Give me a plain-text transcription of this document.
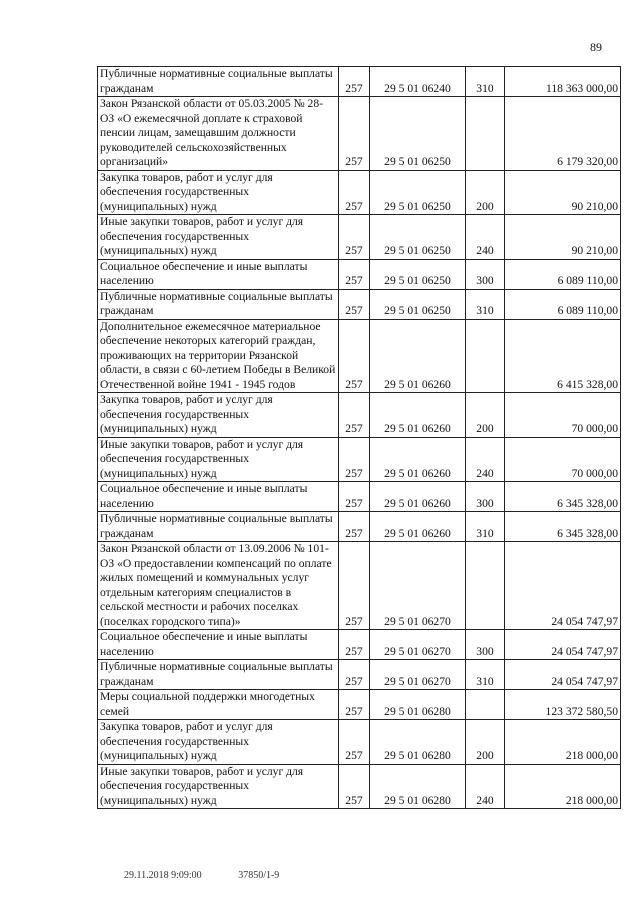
89
Публичные нормативные социальные выплаты гражданам	257	29 5 01 06240	310	118 363 000,00
Закон Рязанской области от 05.03.2005 № 28-ОЗ «О ежемесячной доплате к страховой пенсии лицам, замещавшим должности руководителей сельскохозяйственных организаций»	257	29 5 01 06250		6 179 320,00
Закупка товаров, работ и услуг для обеспечения государственных (муниципальных) нужд	257	29 5 01 06250	200	90 210,00
Иные закупки товаров, работ и услуг для обеспечения государственных (муниципальных) нужд	257	29 5 01 06250	240	90 210,00
Социальное обеспечение и иные выплаты населению	257	29 5 01 06250	300	6 089 110,00
Публичные нормативные социальные выплаты гражданам	257	29 5 01 06250	310	6 089 110,00
Дополнительное ежемесячное материальное обеспечение некоторых категорий граждан, проживающих на территории Рязанской области, в связи с 60-летием Победы в Великой Отечественной войне 1941 - 1945 годов	257	29 5 01 06260		6 415 328,00
Закупка товаров, работ и услуг для обеспечения государственных (муниципальных) нужд	257	29 5 01 06260	200	70 000,00
Иные закупки товаров, работ и услуг для обеспечения государственных (муниципальных) нужд	257	29 5 01 06260	240	70 000,00
Социальное обеспечение и иные выплаты населению	257	29 5 01 06260	300	6 345 328,00
Публичные нормативные социальные выплаты гражданам	257	29 5 01 06260	310	6 345 328,00
Закон Рязанской области от 13.09.2006 № 101-ОЗ «О предоставлении компенсаций по оплате жилых помещений и коммунальных услуг отдельным категориям специалистов в сельской местности и рабочих поселках (поселках городского типа)»	257	29 5 01 06270		24 054 747,97
Социальное обеспечение и иные выплаты населению	257	29 5 01 06270	300	24 054 747,97
Публичные нормативные социальные выплаты гражданам	257	29 5 01 06270	310	24 054 747,97
Меры социальной поддержки многодетных семей	257	29 5 01 06280		123 372 580,50
Закупка товаров, работ и услуг для обеспечения государственных (муниципальных) нужд	257	29 5 01 06280	200	218 000,00
Иные закупки товаров, работ и услуг для обеспечения государственных (муниципальных) нужд	257	29 5 01 06280	240	218 000,00
29.11.2018 9:09:00	37850/1-9
